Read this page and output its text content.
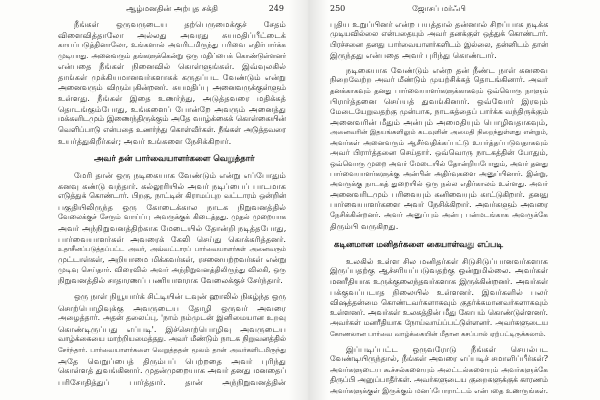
ஆழ்மனதின் அற்புத சக்தி	249
நீங்கள் ஒருவருடைய தற்பெருமைக்குச் சேதம்
விளைவித்தாலோ அல்லது அவரது சுயமதிப்பீட்டைக்
காயப்படுத்தினாலோ, உங்களால் அவரிடமிருந்து பரிவை எதிர்பார்க்க
முடியாது. அனைவரும் தங்களுக்கென்று ஒரு மதிப்பைக் கொண்டுள்ளனர்
என்பதை நீங்கள் நினைவில் கொள்ளுங்கள். இவ்வுலகில்
தாங்கள் முக்கியமானவர்களாகக் கருதப்பட வேண்டும் என்று
அனைவரும் விரும்புகின்றனர். சுயமதிப்பு அனைவருக்குள்ளும்
உள்ளது. நீங்கள் இதை உணர்ந்து, அடுத்தவரை மதிக்கத்
தொடங்கும்போது, உங்களைப் போன்றே அவரும் அனைத்து
மக்களிடமும் இணைந்திருக்கும் அதே வாழ்க்கைக் கொள்கையின்
வெளிப்பாடு என்பதை உணர்ந்து கொள்வீர்கள். நீங்கள் அடுத்தவரை
உயர்த்துகிறீர்கள்; அவர் உங்களை நேசிக்கிறார்.
அவர் தன் பார்வையாளர்களை வெறுத்தார்
மேரி தான் ஒரு நடிகையாக வேண்டும் என்று எப்போதும்
கனவு கண்டு வந்தார். கல்லூரியில் அவர் நடிப்பைப் பாடமாக
எடுத்துக் கொண்டார். பிறகு, நாட்டின் கிராமப்புற வட்டாரம் ஒன்றின்
பகுதியிலிருந்த ஒரு கோடைக்கால நாடக நிறுவனத்தில்
வேலைக்குச் சேரும் வாய்ப்பு அவருக்குக் கிடைத்தது. முதல் முறையாக
அவர் அந்நிறுவனத்திற்காக மேடையில் தோன்றி நடித்தபோது,
பார்வையாளர்கள் அவரைக் கேலி செய்து கொக்கரித்தனர்.
உதாசீனப்படுத்தப்பட்ட அவர், அவ்வட்டாரப் பார்வையாளர்கள் அனைவரும்
முட்டாள்கள், அறியாமை மிக்கவர்கள், ரசனையற்றவர்கள் என்று
முடிவு செய்தார். விரைவில் அவர் அந்நிறுவனத்திலிருந்து விலகி, ஒரு
நிறுவனத்தில் சாதாரணப் பணியாளராக வேலைக்குச் சேர்ந்தார்.
ஒரு நாள் நியூயார்க் சிட்டியின் டவுன் ஹாலில் நிகழ்ந்த ஒரு
சொற்பொழிவுக்கு அவருடைய தோழி ஒருவர் அவரை
அழைத்தார். அதன் தலைப்பு, 'நாம் நம்முடன் இனிமையான உறவு
கொண்டிருப்பது எப்படி'. இச்சொற்பொழிவு அவருடைய
வாழ்க்கையை மாற்றியமைத்தது. அவர் மீண்டும் நாடக நிறுவனத்தில்
சேர்ந்தார். பார்வையாளர்களை வெறுத்ததன் மூலம் தான் அவர்களிடமிருந்து
அதே வெறுப்பைத் திரும்பப் பெற்றதை அவர் புரிந்து
கொள்ளத் துவங்கினார். முதன்முறையாக அவர் தனது மனதைப்
பரிசோதித்துப் பார்த்தார். தான் அந்நிறுவனத்தின்
250	ஜோசப் மர்ஃபி
புதிய உறுப்பினர் என்ற பயத்தால் தன்னால் சிறப்பாக நடிக்க
முடியவில்லை என்பதையும் அவர் தனக்குள் ஒத்துக் கொண்டார்.
பிரச்சனை தனது பார்வையாளர்களிடம் இல்லை, தன்னிடம் தான்
இருந்தது என்பதை அவர் புரிந்து கொண்டார்.
நடிகையாக வேண்டும் என்ற தன் நீண்ட நாள் கனவை
நிறைவேற்ற அவர் மீண்டும் முயற்சிக்கத் தொடங்கினார். அவர்
தனக்காகவும் தனது பார்வையாளர்களுக்காகவும் ஒவ்வொரு நாளும்
பிரார்த்தனை செய்யத் துவங்கினார். ஒவ்வோர் இரவும்
மேடையேறுவதற்கு முன்பாக, நாடகத்தைப் பார்க்க வந்திருக்கும்
அனைவரின் மீதும் அன்பும் அமைதியும் பொழிவதாகவும்,
அனைவரின் இதயங்களிலும் கடவுளின் அமைதி நிறைந்துள்ளது என்றும்,
அவர்கள் அனைவரும் ஆசீர்வதிக்கப்பட்டு உயர்த்தப்படுவதாகவும்
அவர் பிரார்த்தனை செய்தார். ஒவ்வொரு நாடகத்தின் போதும்,
ஒவ்வொரு முறை அவர் மேடையில் தோன்றியபோதும், அவர் தனது
பார்வையாளர்களுக்கு அன்பின் அதிர்வுகளை அனுப்பினார். இன்று,
அவருக்கு நாடகத் துறையில் ஒரு நல்ல எதிர்காலம் உள்ளது. அவர்
அனைவரிடமும் பரிவையும் கனிவையும் காட்டுகிறார். தனது
பார்வையாளர்களை அவர் நேசிக்கிறார். அவர்களும் அவரை
நேசிக்கின்றனர். அவர் அனுப்பும் அன்பு பன்மடங்காக அவருக்கே
திரும்பி வருகிறது.
கடினமான மனிதர்களை கையாள்வது எப்படி
உலகில் உள்ள சில மனிதர்கள் சிடுசிடுப்பானவர்களாக
இருப்பதற்கு ஆச்சரியப்படுவதற்கு ஒன்றுமில்லை. அவர்கள்
மனரீதியாக உருக்குலைந்தவர்களாக இருக்கின்றனர். அவர்கள்
பக்குவப்படாத நிலையில் உள்ளனர். இவர்களில் பலர்
விஷத்தன்மை கொண்டவர்களாகவும் குதர்க்கமானவர்களாகவும்
உள்ளனர். அவர்கள் உலகத்தின் மீது கோபம் கொண்டுள்ளனர்.
அவர்கள் மனரீதியாக நோய்வாய்ப்பட்டுள்ளனர். அவர்களுடைய
கோணலான பார்வை வாழ்க்கையின் மீதான கசப்பால் ஏற்பட்டிருக்கலாம்.
இப்படிப்பட்ட ஒருவரோடு நீங்கள் செயல்பட
வேண்டியிருந்தால், நீங்கள் அவரை எப்படிச் சமாளிப்பீர்கள்?
அவர்களுடைய கூச்சல்களையும் அலட்டல்களையும் அவர்களுக்கே
திருப்பி அனுப்பாதீர்கள். அவர்களுடைய குறைகளுக்குக் காரணம்
அவர்களுக்குள் இருக்கும் மனப்போராட்டம் என்பதை உணருங்கள்.
